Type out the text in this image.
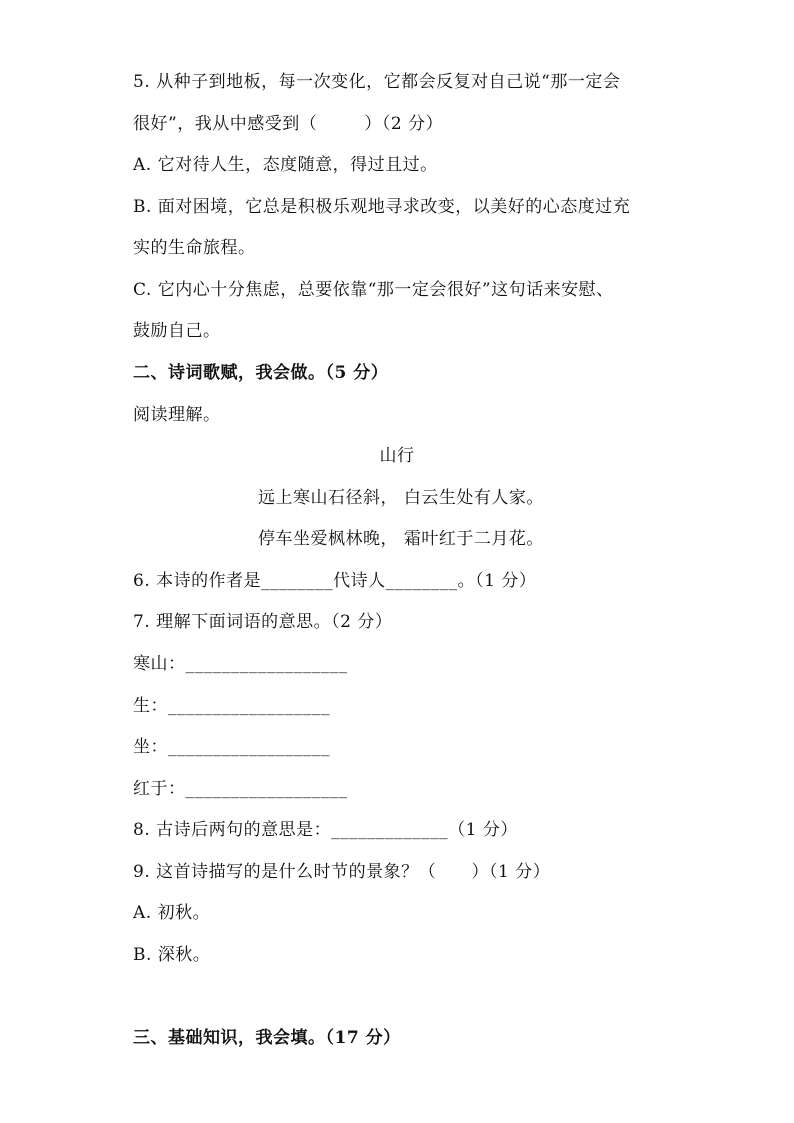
5. 从种子到地板，每一次变化，它都会反复对自己说“那一定会
很好”，我从中感受到（        ）（2 分）
A. 它对待人生，态度随意，得过且过。
B. 面对困境，它总是积极乐观地寻求改变，以美好的心态度过充
实的生命旅程。
C. 它内心十分焦虑，总要依靠“那一定会很好”这句话来安慰、
鼓励自己。
二、诗词歌赋，我会做。（5 分）
阅读理解。
山行
远上寒山石径斜， 白云生处有人家。
停车坐爱枫林晚， 霜叶红于二月花。
6. 本诗的作者是________代诗人________。（1 分）
7. 理解下面词语的意思。（2 分）
寒山：__________________
生：__________________
坐：__________________
红于：__________________
8. 古诗后两句的意思是：_____________（1 分）
9. 这首诗描写的是什么时节的景象？（      ）（1 分）
A. 初秋。
B. 深秋。
三、基础知识，我会填。（17 分）
